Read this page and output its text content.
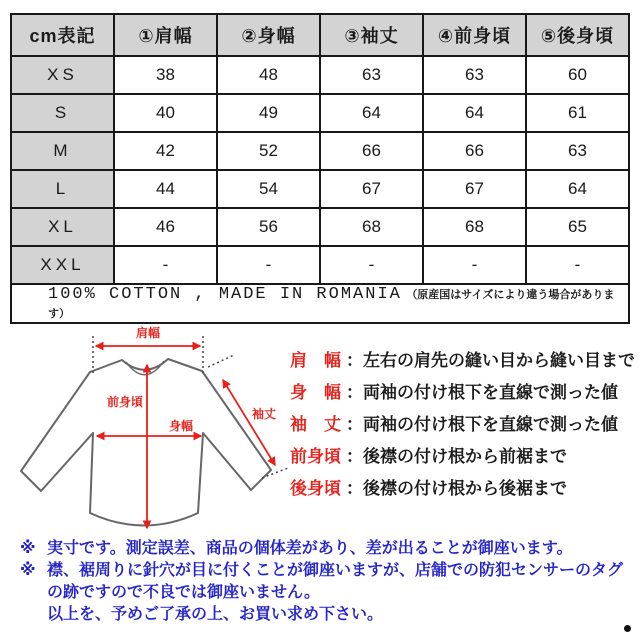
cm表記	①肩幅	②身幅	③袖丈	④前身頃	⑤後身頃
XS	38	48	63	63	60
S	40	49	64	64	61
M	42	52	66	66	63
L	44	54	67	67	64
XL	46	56	68	68	65
XXL	-	-	-	-	-
100% COTTON , MADE IN ROMANIA （原産国はサイズにより違う場合があります）					
肩幅
前身頃
身幅
袖丈
肩　幅 ：左右の肩先の縫い目から縫い目まで
身　幅 ：両袖の付け根下を直線で測った値
袖　丈 ：両袖の付け根下を直線で測った値
前身頃 ：後襟の付け根から前裾まで
後身頃 ：後襟の付け根から後裾まで
※ 実寸です。測定誤差、商品の個体差があり、差が出ることが御座います。
※ 襟、裾周りに針穴が目に付くことが御座いますが、店舗での防犯センサーのタグの跡ですので不良では御座いません。
以上を、予めご了承の上、お買い求め下さい。
